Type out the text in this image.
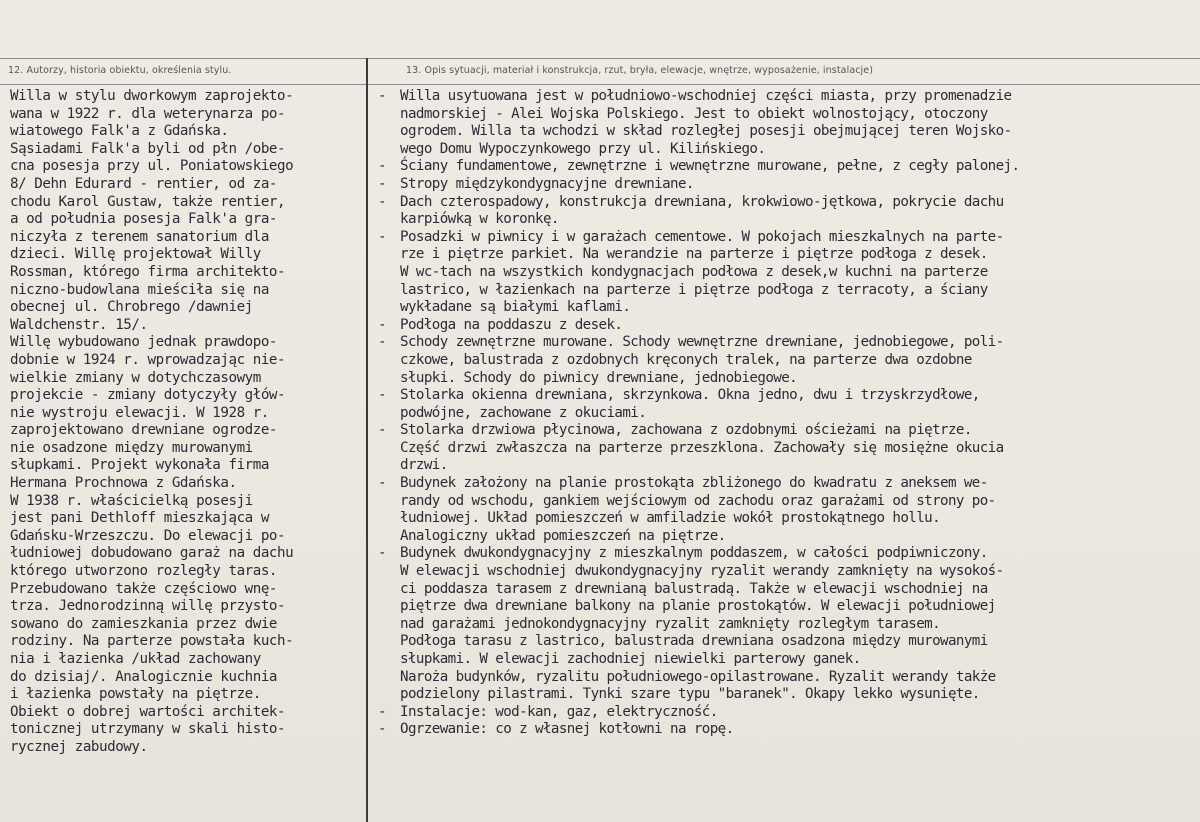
12. Autorzy, historia obiektu, określenia stylu.	13. Opis sytuacji, materiał i konstrukcja, rzut, bryła, elewacje, wnętrze, wyposażenie, instalacje)
Willa w stylu dworkowym zaprojekto-
wana w 1922 r. dla weterynarza po-
wiatowego Falk'a z Gdańska.
Sąsiadami Falk'a byli od płn /obe-
cna posesja przy ul. Poniatowskiego
8/ Dehn Edurard - rentier, od za-
chodu Karol Gustaw, także rentier,
a od południa posesja Falk'a gra-
niczyła z terenem sanatorium dla
dzieci. Willę projektował Willy
Rossman, którego firma architekto-
niczno-budowlana mieściła się na
obecnej ul. Chrobrego /dawniej
Waldchenstr. 15/.
Willę wybudowano jednak prawdopo-
dobnie w 1924 r. wprowadzając nie-
wielkie zmiany w dotychczasowym
projekcie - zmiany dotyczyły głów-
nie wystroju elewacji. W 1928 r.
zaprojektowano drewniane ogrodze-
nie osadzone między murowanymi
słupkami. Projekt wykonała firma
Hermana Prochnowa z Gdańska.
W 1938 r. właścicielką posesji
jest pani Dethloff mieszkająca w
Gdańsku-Wrzeszczu. Do elewacji po-
łudniowej dobudowano garaż na dachu
którego utworzono rozległy taras.
Przebudowano także częściowo wnę-
trza. Jednorodzinną willę przysto-
sowano do zamieszkania przez dwie
rodziny. Na parterze powstała kuch-
nia i łazienka /układ zachowany
do dzisiaj/. Analogicznie kuchnia
i łazienka powstały na piętrze.
Obiekt o dobrej wartości architek-
tonicznej utrzymany w skali histo-
rycznej zabudowy.
- Willa usytuowana jest w południowo-wschodniej części miasta, przy promenadzie
nadmorskiej - Alei Wojska Polskiego. Jest to obiekt wolnostojący, otoczony
ogrodem. Willa ta wchodzi w skład rozległej posesji obejmującej teren Wojsko-
wego Domu Wypoczynkowego przy ul. Kilińskiego.
- Ściany fundamentowe, zewnętrzne i wewnętrzne murowane, pełne, z cegły palonej.
- Stropy międzykondygnacyjne drewniane.
- Dach czterospadowy, konstrukcja drewniana, krokwiowo-jętkowa, pokrycie dachu
karpiówką w koronkę.
- Posadzki w piwnicy i w garażach cementowe. W pokojach mieszkalnych na parte-
rze i piętrze parkiet. Na werandzie na parterze i piętrze podłoga z desek.
W wc-tach na wszystkich kondygnacjach podłowa z desek,w kuchni na parterze
lastrico, w łazienkach na parterze i piętrze podłoga z terracoty, a ściany
wykładane są białymi kaflami.
- Podłoga na poddaszu z desek.
- Schody zewnętrzne murowane. Schody wewnętrzne drewniane, jednobiegowe, poli-
czkowe, balustrada z ozdobnych kręconych tralek, na parterze dwa ozdobne
słupki. Schody do piwnicy drewniane, jednobiegowe.
- Stolarka okienna drewniana, skrzynkowa. Okna jedno, dwu i trzyskrzydłowe,
podwójne, zachowane z okuciami.
- Stolarka drzwiowa płycinowa, zachowana z ozdobnymi ościeżami na piętrze.
Część drzwi zwłaszcza na parterze przeszklona. Zachowały się mosiężne okucia
drzwi.
- Budynek założony na planie prostokąta zbliżonego do kwadratu z aneksem we-
randy od wschodu, gankiem wejściowym od zachodu oraz garażami od strony po-
łudniowej. Układ pomieszczeń w amfiladzie wokół prostokątnego hollu.
Analogiczny układ pomieszczeń na piętrze.
- Budynek dwukondygnacyjny z mieszkalnym poddaszem, w całości podpiwniczony.
W elewacji wschodniej dwukondygnacyjny ryzalit werandy zamknięty na wysokoś-
ci poddasza tarasem z drewnianą balustradą. Także w elewacji wschodniej na
piętrze dwa drewniane balkony na planie prostokątów. W elewacji południowej
nad garażami jednokondygnacyjny ryzalit zamknięty rozległym tarasem.
Podłoga tarasu z lastrico, balustrada drewniana osadzona między murowanymi
słupkami. W elewacji zachodniej niewielki parterowy ganek.
Naroża budynków, ryzalitu południowego-opilastrowane. Ryzalit werandy także
podzielony pilastrami. Tynki szare typu "baranek". Okapy lekko wysunięte.
- Instalacje: wod-kan, gaz, elektryczność.
- Ogrzewanie: co z własnej kotłowni na ropę.
